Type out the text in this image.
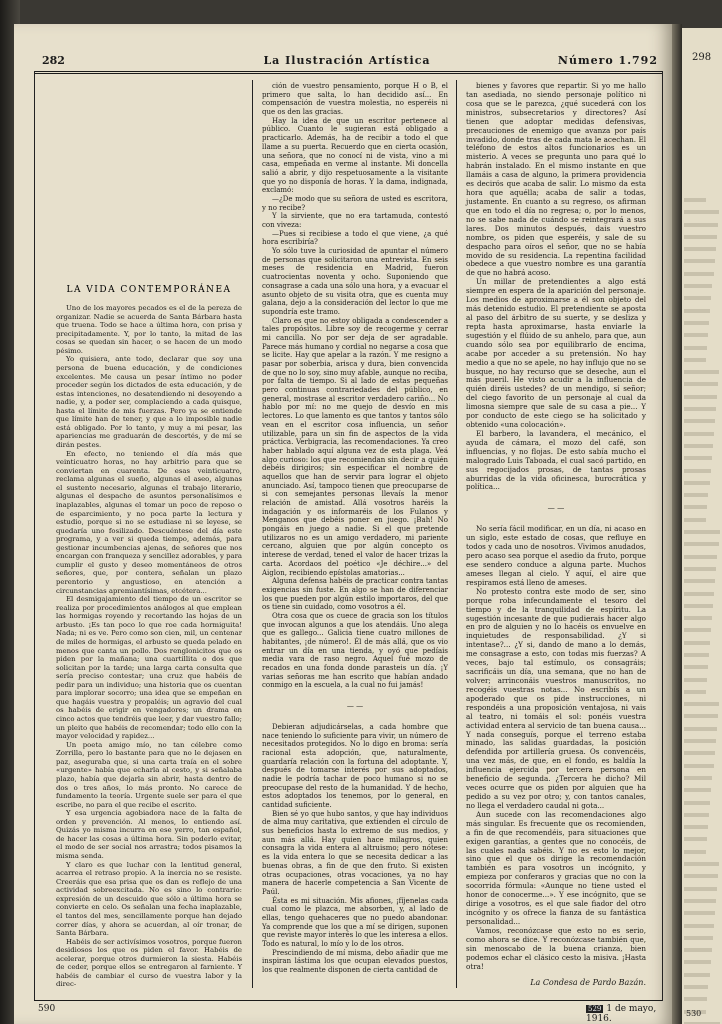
298
530
282	La Ilustración Artística	Número 1.792
LA VIDA CONTEMPORÁNEA

Uno de los mayores pecados es el de la pereza de organizar. Nadie se acuerda de Santa Bárbara hasta que truena. Todo se hace a última hora, con prisa y precipitadamente. Y, por lo tanto, la mitad de las cosas se quedan sin hacer, o se hacen de un modo pésimo.

Yo quisiera, ante todo, declarar que soy una persona de buena educación, y de condiciones excelentes. Me causa un pesar íntimo no poder proceder según los dictados de esta educación, y de estas intenciones, no desatendiendo ni desoyendo a nadie, y, a poder ser, complaciendo a cada quisque, hasta el límite de mis fuerzas. Pero ya se entiende que límite han de tener, y que a lo imposible nadie está obligado. Por lo tanto, y muy a mi pesar, las apariencias me graduarán de descortés, y de mí se dirán pestes.

En efecto, no teniendo el día más que veinticuatro horas, no hay arbitrio para que se conviertan en cuarenta. De esas veinticuatro, reclama algunas el sueño, algunas el aseo, algunas el sustento necesario, algunas el trabajo literario, algunas el despacho de asuntos personalísimos e inaplazables, algunas el tomar un poco de reposo o de esparcimiento, y no poca parte la lectura y estudio, porque si no se estudiase ni se leyese, se quedaría uno fosilizado. Descuéntese del día este programa, y a ver si queda tiempo, además, para gestionar incumbencias ajenas, de señores que nos encargan con franqueza y sencillez adorables, y para cumplir el gusto y deseo momentáneos de otros señores, que, por contera, señalan un plazo perentorio y angustioso, en atención a circunstancias apremiantísimas, etcétera...

El desmigajamiento del tiempo de un escritor se realiza por procedimientos análogos al que emplean las hormigas royendo y recortando las hojas de un arbusto. ¡Es tan poco lo que roe cada hormiguita! Nada; ni es ve. Pero como son cien, mil, un centenar de miles de hormigas, el arbusto se queda pelado en menos que canta un pollo. Dos renglonicitos que os piden por la mañana; una cuartillita o dos que solicitan por la tarde; una larga carta consulta que sería preciso contestar; una cruz que habéis de pedir para un individuo; una historia que os cuentan para implorar socorro; una idea que se empeñan en que hagáis vuestra y propaléis; un agravio del cual os habéis de erigir en vengadores; un drama en cinco actos que tendréis que leer, y dar vuestro fallo; un pleito que habéis de recomendar; todo ello con la mayor velocidad y rapidez...

Un poeta amigo mío, no tan célebre como Zorrilla, pero lo bastante para que no le dejasen en paz, aseguraba que, si una carta traía en el sobre «urgente» había que echarla al cesto, y si señalaba plazo, había que dejarla sin abrir, hasta dentro de dos o tres años, lo más pronto. No carece de fundamento la teoría. Urgente suele ser para el que escribe, no para el que recibe el escrito.

Y esa urgencia agobiadora nace de la falta de orden y prevención. Al menos, lo entiendo así. Quizás yo misma incurra en ese yerro, tan español, de hacer las cosas a última hora. Sin poderlo evitar, el modo de ser social nos arrastra; todos pisamos la misma senda.

Y claro es que luchar con la lentitud general, acarrea el retraso propio. A la inercia no se resiste. Creeráis que esa prisa que os dan es reflejo de una actividad sobreexcitada. No es sino lo contrario: expresión de un descuido que sólo a última hora se convierte en celo. Os señalan una fecha inaplazable, el tantos del mes, sencillamente porque han dejado correr días, y ahora se acuerdan, al oír tronar, de Santa Bárbara.

Habéis de ser activísimos vosotros, porque fueron desidiosos los que os piden el favor. Habéis de acelerar, porque otros durmieron la siesta. Habéis de ceder, porque ellos se entregaron al farniente. Y habéis de cambiar el curso de vuestra labor y la direc-

ción de vuestro pensamiento, porque H o B, el primero que salta, lo han decidido así... En compensación de vuestra molestia, no esperéis ni que os den las gracias.

Hay la idea de que un escritor pertenece al público. Cuanto le sugieran está obligado a practicarlo. Además, ha de recibir a todo el que llame a su puerta. Recuerdo que en cierta ocasión, una señora, que no conocí ni de vista, vino a mi casa, empeñada en verme al instante. Mi doncella salió a abrir, y dijo respetuosamente a la visitante que yo no disponía de horas. Y la dama, indignada, exclamó:

—¿De modo que su señora de usted es escritora, y no recibe?

Y la sirviente, que no era tartamuda, contestó con viveza:

—Pues si recibiese a todo el que viene, ¿a qué hora escribiría?

Yo sólo tuve la curiosidad de apuntar el número de personas que solicitaron una entrevista. En seis meses de residencia en Madrid, fueron cuatrocientas noventa y ocho. Suponiendo que consagrase a cada una sólo una hora, y a evacuar el asunto objeto de su visita otra, que es cuenta muy galana, dejo a la consideración del lector lo que me supondría este tramo.

Claro es que no estoy obligada a condescender a tales propósitos. Libre soy de recogerme y cerrar mi cancilla. No por ser deja de ser agradable. Parece más humano y cordial no negarse a cosa que se licite. Hay que apelar a la razón. Y me resigno a pasar por soberbia, arisca y dura, bien convencida de que no lo soy, sino muy afable, aunque no reciba, por falta de tiempo. Si al lado de estas pequeñas pero continuas contrariedades del público, en general, mostrase al escritor verdadero cariño... No hablo por mí: no me quejo de desvío en mis lectores. Lo que lamento es que tantos y tantos sólo vean en el escritor cosa influencia, un señor utilizable, para un sin fin de aspectos de la vida práctica. Verbigracia, las recomendaciones. Ya creo haber hablado aquí alguna vez de esta plaga. Veá algo curioso: los que recomiendan sin decir a quién debéis dirigiros; sin especificar el nombre de aquellos que han de servir para lograr el objeto anunciado. Así, tampoco tienen que preocuparse de si con semejantes personas llevaís la menor relación de amistad. Allá vosotros haréis la indagación y os informaréis de los Fulanos y Menganos que debéis poner en juego. ¡Bah! No pongáis en juego a nadie. Si el que pretende utilizaros no es un amigo verdadero, mi pariente cercano, alguien que por algún concepto os interese de verdad, tened el valor de hacer trizas la carta. Acordaos del poético «Je déchire...» del Aiglon, recibiendo epístolas amatorias...

Alguna defensa habéis de practicar contra tantas exigencias sin fuste. En algo se han de diferenciar los que pueden por algún estilo importaros, del que os tiene sin cuidado, como vosotros a él.

Otra cosa que os cuece de gracia son los títulos que invocan algunos a que los atendáis. Uno alega que es gallego... Galicia tiene cuatro millones de habitantes, ¡de número!. Él de más allá, que os vio entrar un día en una tienda, y oyó que pedíais media vara de raso negro. Aquel fué mozo de recados en una fonda donde parasteis un día. ¡Y varias señoras me han escrito que habían andado conmigo en la escuela, a la cual no fui jamás!

— —

Debieran adjudicárselas, a cada hombre que nace teniendo lo suficiente para vivir, un número de necesitados protegidos. No lo digo en broma: sería racional esta adopción, que, naturalmente, guardaría relación con la fortuna del adoptante. Y, después de tomarse interés por sus adoptados, nadie le podría tachar de poco humano si no se preocupase del resto de la humanidad. Y de hecho, estos adoptados los tenemos, por lo general, en cantidad suficiente.

Bien sé yo que hubo santos, y que hay individuos de alma muy caritativa, que extienden el círculo de sus beneficios hasta lo extremo de sus medios, y aun más allá. Hay quien hace milagros, quien consagra la vida entera al altruismo; pero nótese: es la vida entera lo que se necesita dedicar a las buenas obras, a fin de que den fruto. Si existen otras ocupaciones, otras vocaciones, ya no hay manera de hacerle competencia a San Vicente de Paúl.

Ésta es mi situación. Mis afiones, ¡fíjenelas cada cual como le plazca, me absorben, y, al lado de ellas, tengo quehaceres que no puedo abandonar. Ya comprende que los que a mí se dirigen, suponen que reviste mayor interés lo que les interesa a ellos. Todo es natural, lo mío y lo de los otros.

Prescindiendo de mí misma, debo añadir que me inspiran lástima los que ocupan elevados puestos, los que realmente disponen de cierta cantidad de

bienes y favores que repartir. Si yo me hallo tan asediada, no siendo personaje político ni cosa que se le parezca, ¿qué sucederá con los ministros, subsecretarios y directores? Así tienen que adoptar medidas defensivas, precauciones de enemigo que avanza por país invadido, donde tras de cada mata le acechan. El teléfono de estos altos funcionarios es un misterio. A veces se pregunta uno para qué lo habrán instalado. En el mismo instante en que llamáis a casa de alguno, la primera providencia es decirós que acaba de salir. Lo mismo da esta hora que aquélla; acaba de salir a todas, justamente. En cuanto a su regreso, os afirman que en todo el día no regresa; o, por lo menos, no se sabe nada de cuándo se reintegrará a sus lares. Dos minutos después, dais vuestro nombre, os piden que esperéis, y sale de su despacho para oíros el señor, que no se había movido de su residencia. La repentina facilidad obedece a que vuestro nombre es una garantía de que no habrá acoso.

Un millar de pretendientes a algo está siempre en espera de la aparición del personaje. Los medios de aproximarse a él son objeto del más detenido estudio. El pretendiente se aposta al paso del árbitro de su suerte, y se desliza y repta hasta aproximarse, hasta enviarle la sugestión y el flúido de su anhelo, para que, aun cuando sólo sea por equilibrarlo de encima, acabe por acceder a su pretensión. No hay medio a que no se apele, no hay influjo que no se busque, no hay recurso que se deseche, aun el más pueril. He visto acudir a la influencia de quién diréis ustedes? de un mendigo, sí señor; del ciego favorito de un personaje al cual da limosna siempre que sale de su casa a pie... Y por conducto de este ciego se ha solicitado y obtenido «una colocación».

El barbero, la lavandera, el mecánico, el ayuda de cámara, el mozo del café, son influencias, y no flojas. De esto sabía mucho el malogrado Luis Taboada, el cual sacó partido, en sus regocijados prosas, de tantas prosas aburridas de la vida oficinesca, burocrática y política...

— —

No sería fácil modificar, en un día, ni acaso en un siglo, este estado de cosas, que refluye en todos y cada uno de nosotros. Vivimos anudados, pero acaso sea porque el asedio da fruto, porque ese sendero conduce a alguna parte. Muchos ameses llegan al cielo. Y aquí, el aire que respiramos está lleno de ameses.

No protesto contra este modo de ser, sino porque roba infecundamente el tesoro del tiempo y de la tranquilidad de espíritu. La sugestión incesante de que pudierais hacer algo en pro de alguien y no lo hacéis os envuelve en inquietudes de responsabilidad. ¿Y si intentase?... ¿Y si, dando de mano a lo demás, me consagrase a esto, con todas mis fuerzas? A veces, bajo tal estímulo, os consagráis; sacrificáis un día, una semana, que no han de volver; arrinconáis vuestros manuscritos, no recogéis vuestras notas... No escribís a un apoderado que os pide instrucciones, ni respondéis a una proposición ventajosa, ni vais al teatro, ni tomáis el sol: ponéis vuestra actividad entera al servicio de tan buena causa... Y nada conseguís, porque el terreno estaba minado, las salidas guardadas, la posición defendida por artillería gruesa. Os convencéis, una vez más, de que, en el fondo, es baldía la influencia ejercida por tercera persona en beneficio de segunda. ¿Tercera he dicho? Mil veces ocurre que os piden por alguien que ha pedido a su vez por otro; y, con tantos canales, no llega el verdadero caudal ni gota...

Aun sucede con las recomendaciones algo más singular. Es frecuente que os recomienden, a fin de que recomendéis, para situaciones que exigen garantías, a gentes que no conocéis, de las cuales nada sabéis. Y no es esto lo mejor, sino que el que os dirige la recomendación también es para vosotros un incógnito, y empieza por conferaros y gracias que no con la socorrida fórmula: «Aunque no tiene usted el honor de conocerme...». Y ese incógnito, que se dirige a vosotros, es el que sale fiador del otro incógnito y os ofrece la fianza de su fantástica personalidad...

Vamos, reconózcase que esto no es serio, como ahora se dice. Y reconózcase también que, sin menoscabo de la buena crianza, bien podemos echar el clásico cesto la misiva. ¡Hasta otra!

La Condesa de Pardo Bazán.
590	529 1 de mayo, 1916.
